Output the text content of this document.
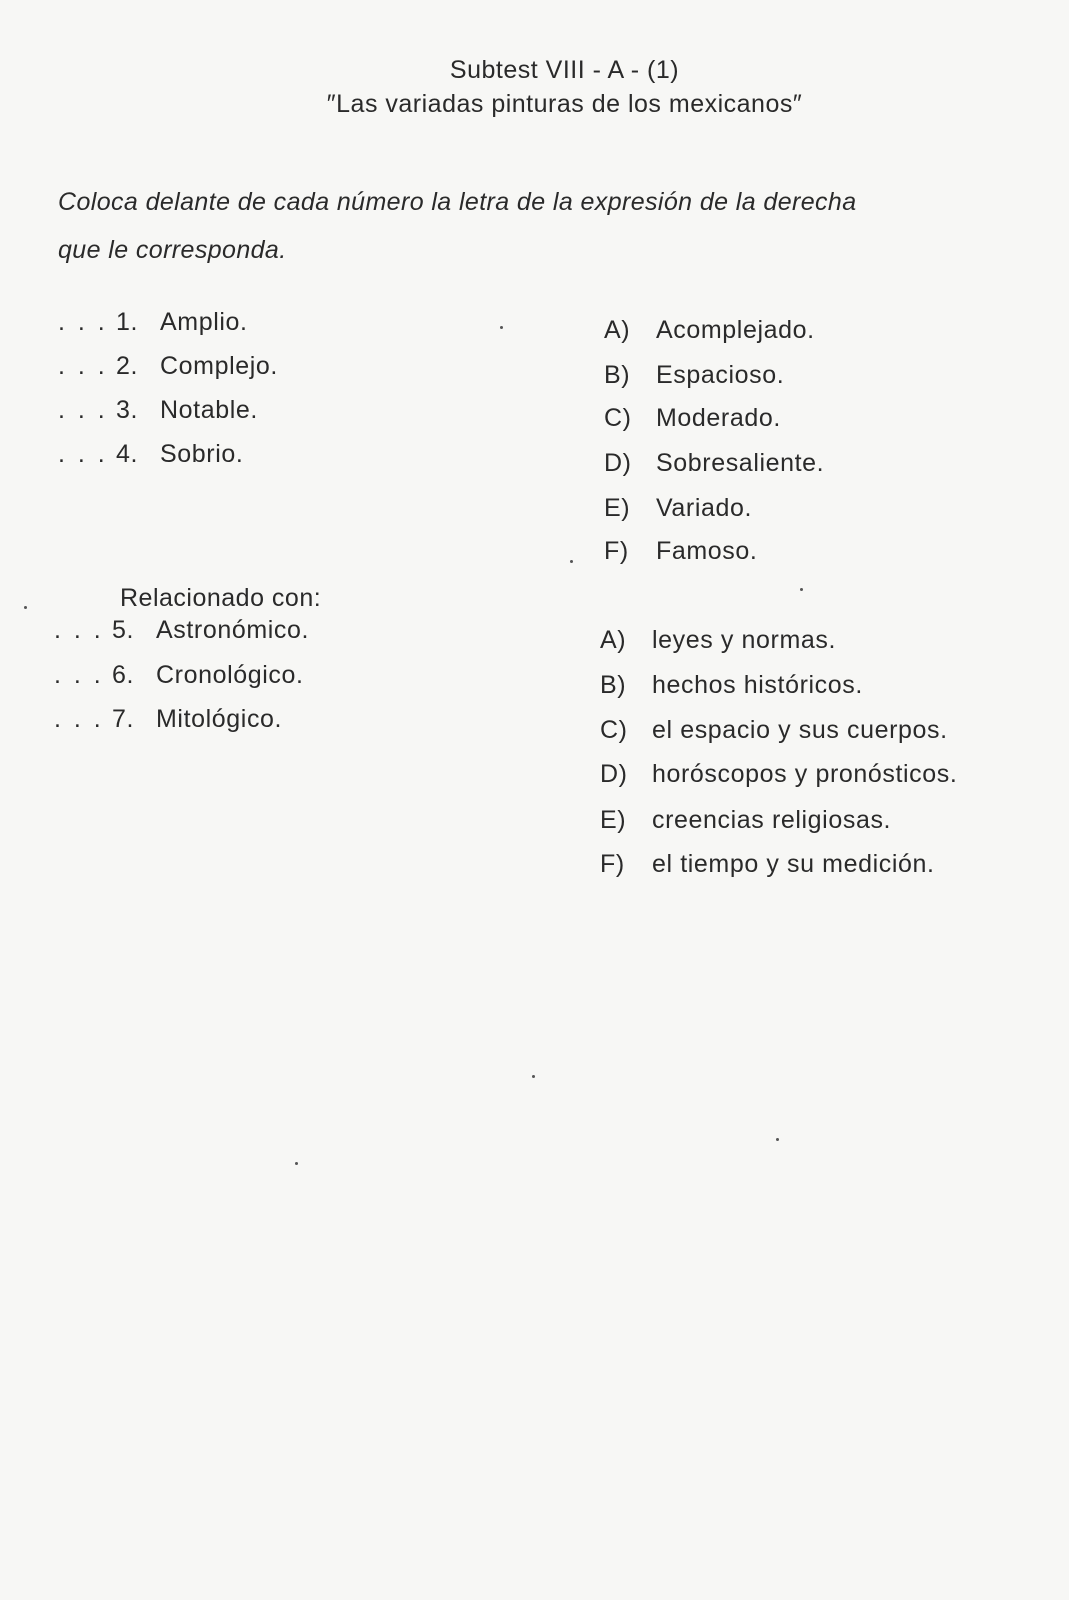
Subtest VIII - A - (1)
″Las variadas pinturas de los mexicanos″
Coloca delante de cada número la letra de la expresión de la derecha que le corresponda.
. . . 1. Amplio.
. . . 2. Complejo.
. . . 3. Notable.
. . . 4. Sobrio.
A) Acomplejado.
B) Espacioso.
C) Moderado.
D) Sobresaliente.
E) Variado.
F) Famoso.
Relacionado con:
. . . 5. Astronómico.
. . . 6. Cronológico.
. . . 7. Mitológico.
A) leyes y normas.
B) hechos históricos.
C) el espacio y sus cuerpos.
D) horóscopos y pronósticos.
E) creencias religiosas.
F) el tiempo y su medición.
